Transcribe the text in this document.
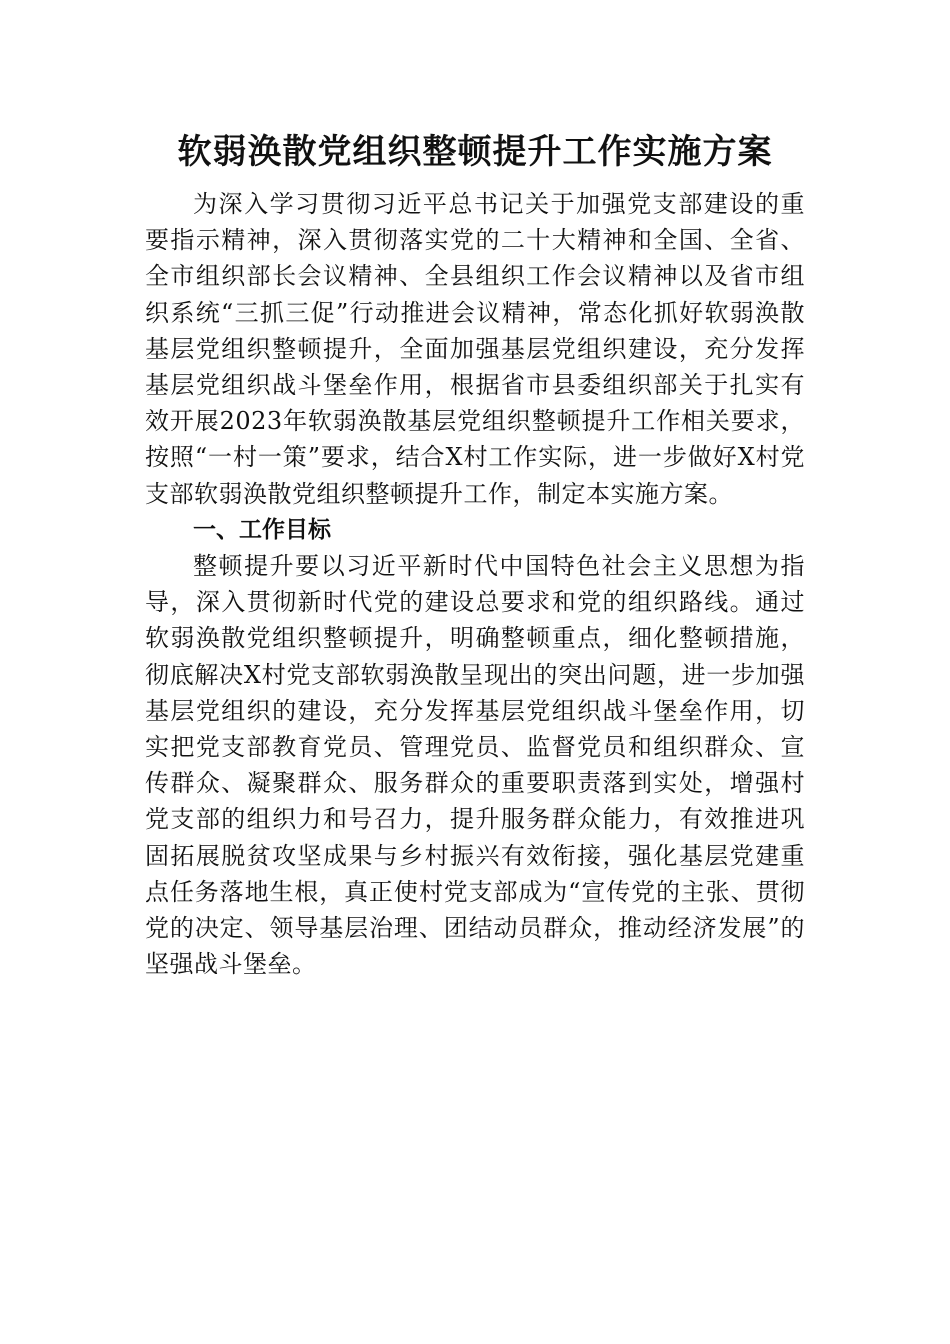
软弱涣散党组织整顿提升工作实施方案

为深入学习贯彻习近平总书记关于加强党支部建设的重要指示精神，深入贯彻落实党的二十大精神和全国、全省、全市组织部长会议精神、全县组织工作会议精神以及省市组织系统“三抓三促”行动推进会议精神，常态化抓好软弱涣散基层党组织整顿提升，全面加强基层党组织建设，充分发挥基层党组织战斗堡垒作用，根据省市县委组织部关于扎实有效开展2023年软弱涣散基层党组织整顿提升工作相关要求，按照“一村一策”要求，结合X村工作实际，进一步做好X村党支部软弱涣散党组织整顿提升工作，制定本实施方案。

一、工作目标

整顿提升要以习近平新时代中国特色社会主义思想为指导，深入贯彻新时代党的建设总要求和党的组织路线。通过软弱涣散党组织整顿提升，明确整顿重点，细化整顿措施，彻底解决X村党支部软弱涣散呈现出的突出问题，进一步加强基层党组织的建设，充分发挥基层党组织战斗堡垒作用，切实把党支部教育党员、管理党员、监督党员和组织群众、宣传群众、凝聚群众、服务群众的重要职责落到实处，增强村党支部的组织力和号召力，提升服务群众能力，有效推进巩固拓展脱贫攻坚成果与乡村振兴有效衔接，强化基层党建重点任务落地生根，真正使村党支部成为“宣传党的主张、贯彻党的决定、领导基层治理、团结动员群众，推动经济发展”的坚强战斗堡垒。
